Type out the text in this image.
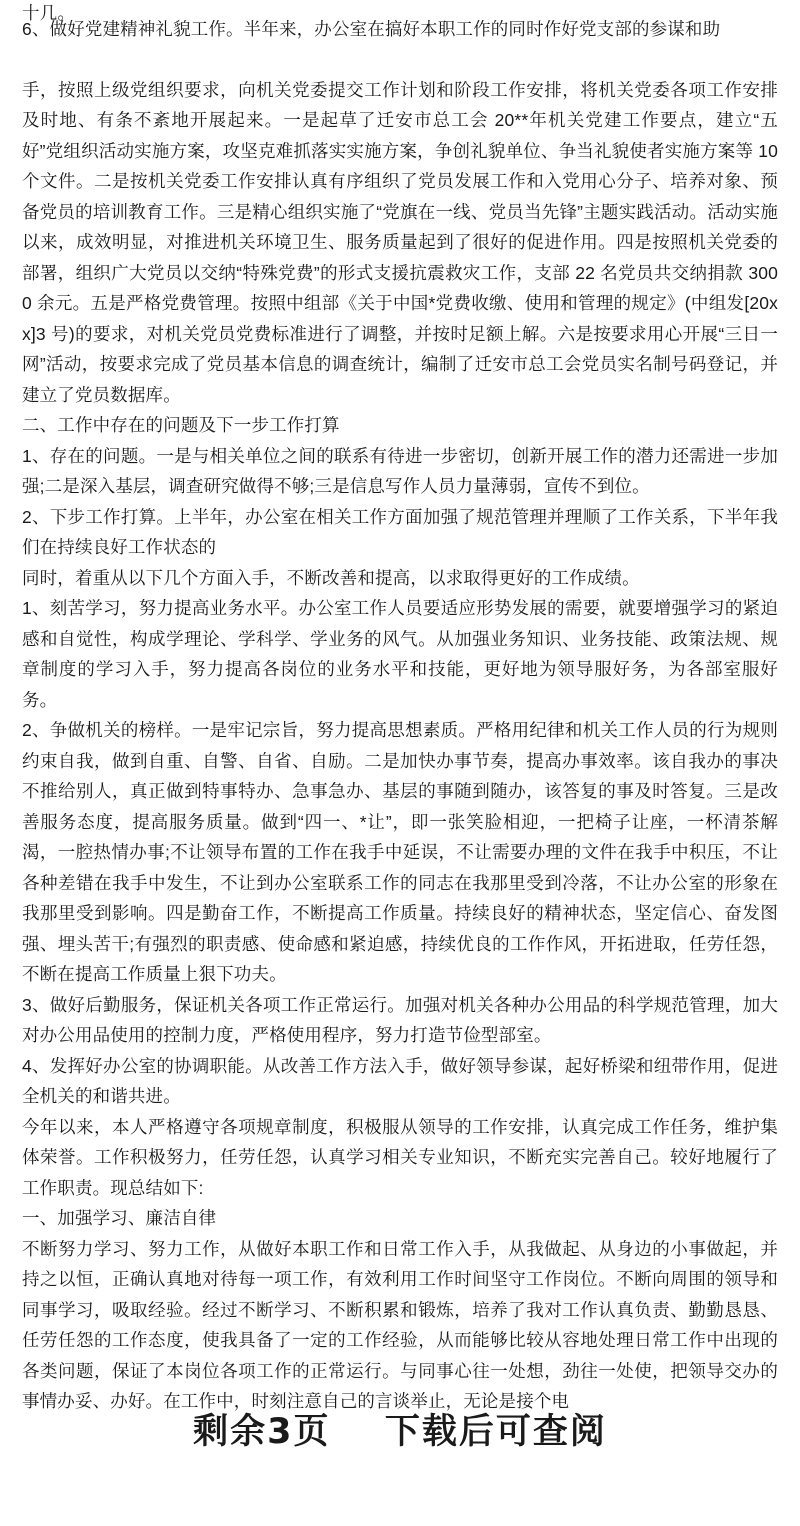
十几。

6、做好党建精神礼貌工作。半年来，办公室在搞好本职工作的同时作好党支部的参谋和助

手，按照上级党组织要求，向机关党委提交工作计划和阶段工作安排，将机关党委各项工作安排及时地、有条不紊地开展起来。一是起草了迁安市总工会 20**年机关党建工作要点，建立“五好”党组织活动实施方案，攻坚克难抓落实实施方案，争创礼貌单位、争当礼貌使者实施方案等 10 个文件。二是按机关党委工作安排认真有序组织了党员发展工作和入党用心分子、培养对象、预备党员的培训教育工作。三是精心组织实施了“党旗在一线、党员当先锋”主题实践活动。活动实施以来，成效明显，对推进机关环境卫生、服务质量起到了很好的促进作用。四是按照机关党委的部署，组织广大党员以交纳“特殊党费”的形式支援抗震救灾工作，支部 22 名党员共交纳捐款 3000 余元。五是严格党费管理。按照中组部《关于中国*党费收缴、使用和管理的规定》(中组发[20xx]3 号)的要求，对机关党员党费标准进行了调整，并按时足额上解。六是按要求用心开展“三日一网”活动，按要求完成了党员基本信息的调查统计，编制了迁安市总工会党员实名制号码登记，并建立了党员数据库。

二、工作中存在的问题及下一步工作打算

1、存在的问题。一是与相关单位之间的联系有待进一步密切，创新开展工作的潜力还需进一步加强;二是深入基层，调查研究做得不够;三是信息写作人员力量薄弱，宣传不到位。

2、下步工作打算。上半年，办公室在相关工作方面加强了规范管理并理顺了工作关系，下半年我们在持续良好工作状态的

同时，着重从以下几个方面入手，不断改善和提高，以求取得更好的工作成绩。

1、刻苦学习，努力提高业务水平。办公室工作人员要适应形势发展的需要，就要增强学习的紧迫感和自觉性，构成学理论、学科学、学业务的风气。从加强业务知识、业务技能、政策法规、规章制度的学习入手，努力提高各岗位的业务水平和技能，更好地为领导服好务，为各部室服好务。

2、争做机关的榜样。一是牢记宗旨，努力提高思想素质。严格用纪律和机关工作人员的行为规则约束自我，做到自重、自警、自省、自励。二是加快办事节奏，提高办事效率。该自我办的事决不推给别人，真正做到特事特办、急事急办、基层的事随到随办，该答复的事及时答复。三是改善服务态度，提高服务质量。做到“四一、*让”，即一张笑脸相迎，一把椅子让座，一杯清茶解渴，一腔热情办事;不让领导布置的工作在我手中延误，不让需要办理的文件在我手中积压，不让各种差错在我手中发生，不让到办公室联系工作的同志在我那里受到冷落，不让办公室的形象在我那里受到影响。四是勤奋工作，不断提高工作质量。持续良好的精神状态，坚定信心、奋发图强、埋头苦干;有强烈的职责感、使命感和紧迫感，持续优良的工作作风，开拓进取，任劳任怨，不断在提高工作质量上狠下功夫。

3、做好后勤服务，保证机关各项工作正常运行。加强对机关各种办公用品的科学规范管理，加大对办公用品使用的控制力度，严格使用程序，努力打造节俭型部室。

4、发挥好办公室的协调职能。从改善工作方法入手，做好领导参谋，起好桥梁和纽带作用，促进全机关的和谐共进。

今年以来，本人严格遵守各项规章制度，积极服从领导的工作安排，认真完成工作任务，维护集体荣誉。工作积极努力，任劳任怨，认真学习相关专业知识，不断充实完善自己。较好地履行了工作职责。现总结如下:

一、加强学习、廉洁自律

不断努力学习、努力工作，从做好本职工作和日常工作入手，从我做起、从身边的小事做起，并持之以恒，正确认真地对待每一项工作，有效利用工作时间坚守工作岗位。不断向周围的领导和同事学习，吸取经验。经过不断学习、不断积累和锻炼，培养了我对工作认真负责、勤勤恳恳、任劳任怨的工作态度，使我具备了一定的工作经验，从而能够比较从容地处理日常工作中出现的各类问题，保证了本岗位各项工作的正常运行。与同事心往一处想，劲往一处使，把领导交办的事情办妥、办好。在工作中，时刻注意自己的言谈举止，无论是接个电

剩余3页 下载后可查阅
